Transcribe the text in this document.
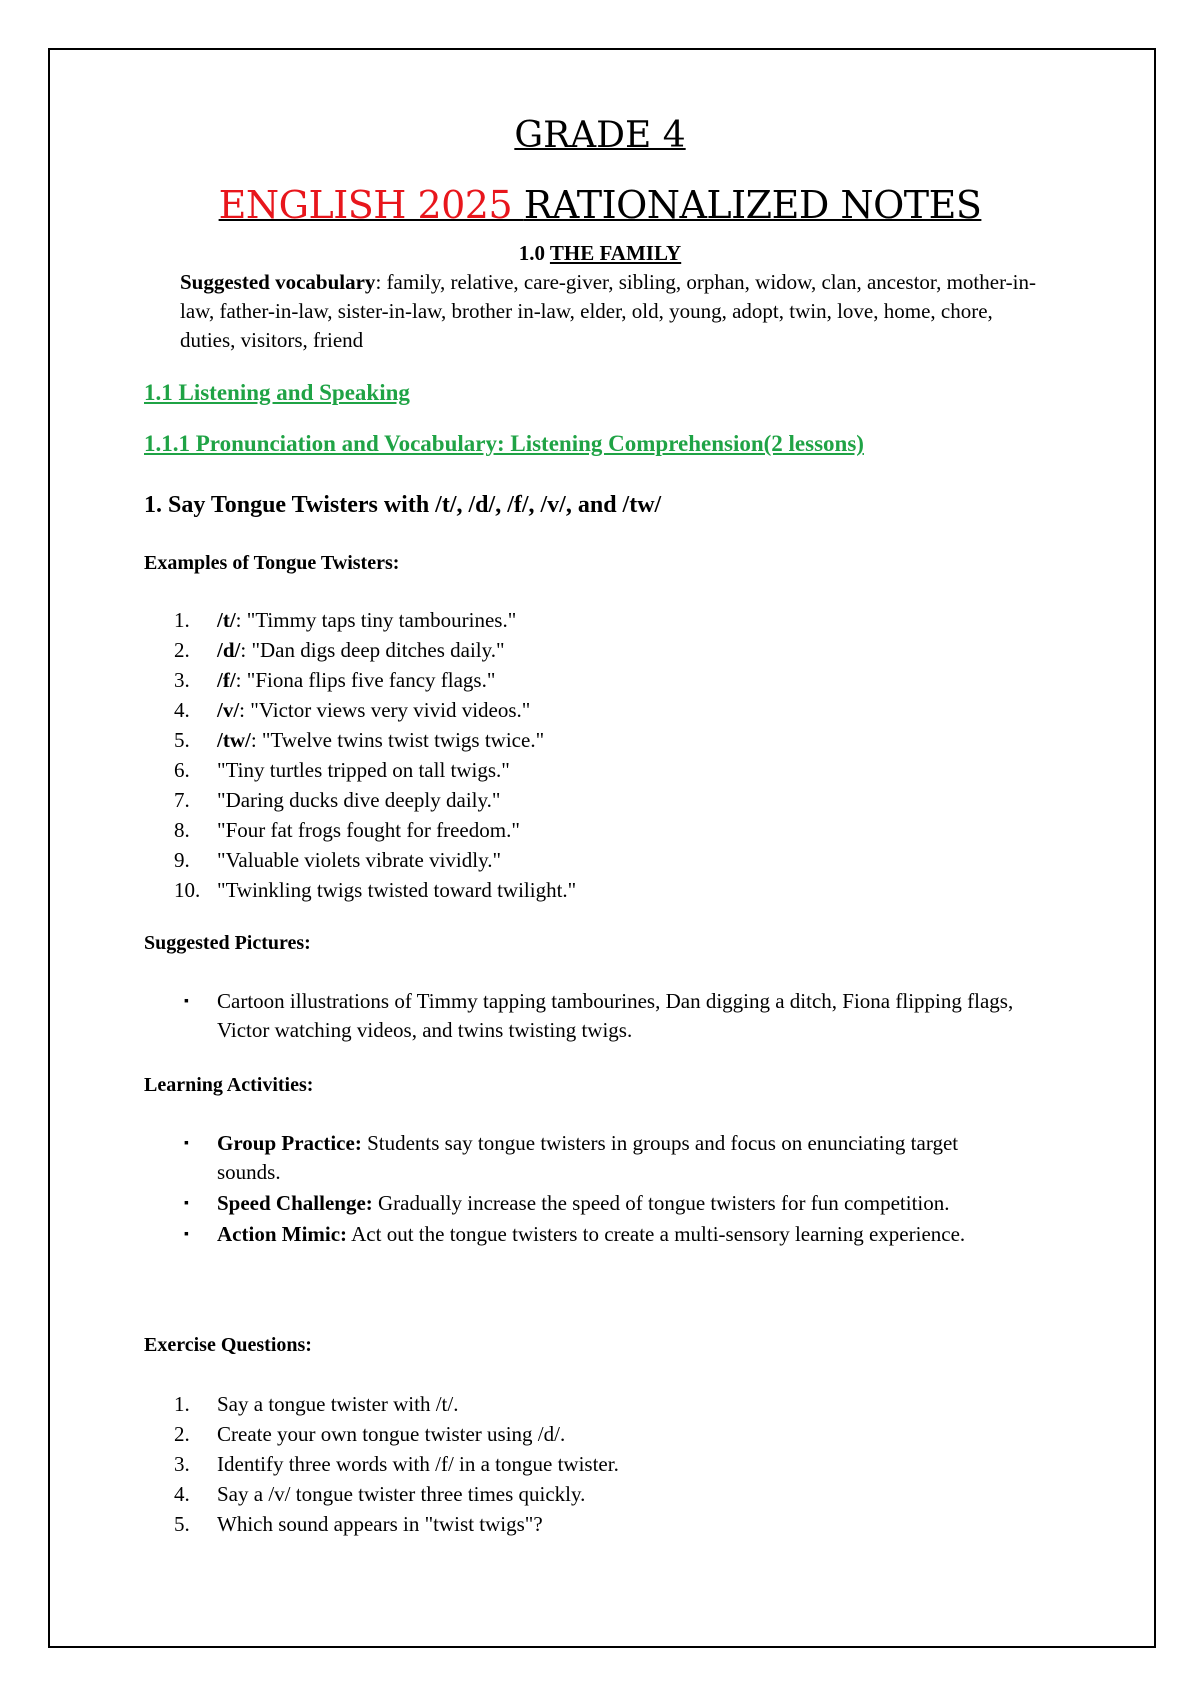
GRADE 4
ENGLISH 2025 RATIONALIZED NOTES
1.0 THE FAMILY
Suggested vocabulary: family, relative, care-giver, sibling, orphan, widow, clan, ancestor, mother-in-law, father-in-law, sister-in-law, brother in-law, elder, old, young, adopt, twin, love, home, chore, duties, visitors, friend
1.1 Listening and Speaking
1.1.1 Pronunciation and Vocabulary: Listening Comprehension(2 lessons)
1. Say Tongue Twisters with /t/, /d/, /f/, /v/, and /tw/
Examples of Tongue Twisters:
1.	/t/: "Timmy taps tiny tambourines."
2.	/d/: "Dan digs deep ditches daily."
3.	/f/: "Fiona flips five fancy flags."
4.	/v/: "Victor views very vivid videos."
5.	/tw/: "Twelve twins twist twigs twice."
6.	"Tiny turtles tripped on tall twigs."
7.	"Daring ducks dive deeply daily."
8.	"Four fat frogs fought for freedom."
9.	"Valuable violets vibrate vividly."
10. "Twinkling twigs twisted toward twilight."
Suggested Pictures:
▪ Cartoon illustrations of Timmy tapping tambourines, Dan digging a ditch, Fiona flipping flags, Victor watching videos, and twins twisting twigs.
Learning Activities:
▪ Group Practice: Students say tongue twisters in groups and focus on enunciating target sounds.
▪ Speed Challenge: Gradually increase the speed of tongue twisters for fun competition.
▪ Action Mimic: Act out the tongue twisters to create a multi-sensory learning experience.
Exercise Questions:
1.	Say a tongue twister with /t/.
2.	Create your own tongue twister using /d/.
3.	Identify three words with /f/ in a tongue twister.
4.	Say a /v/ tongue twister three times quickly.
5.	Which sound appears in "twist twigs"?
